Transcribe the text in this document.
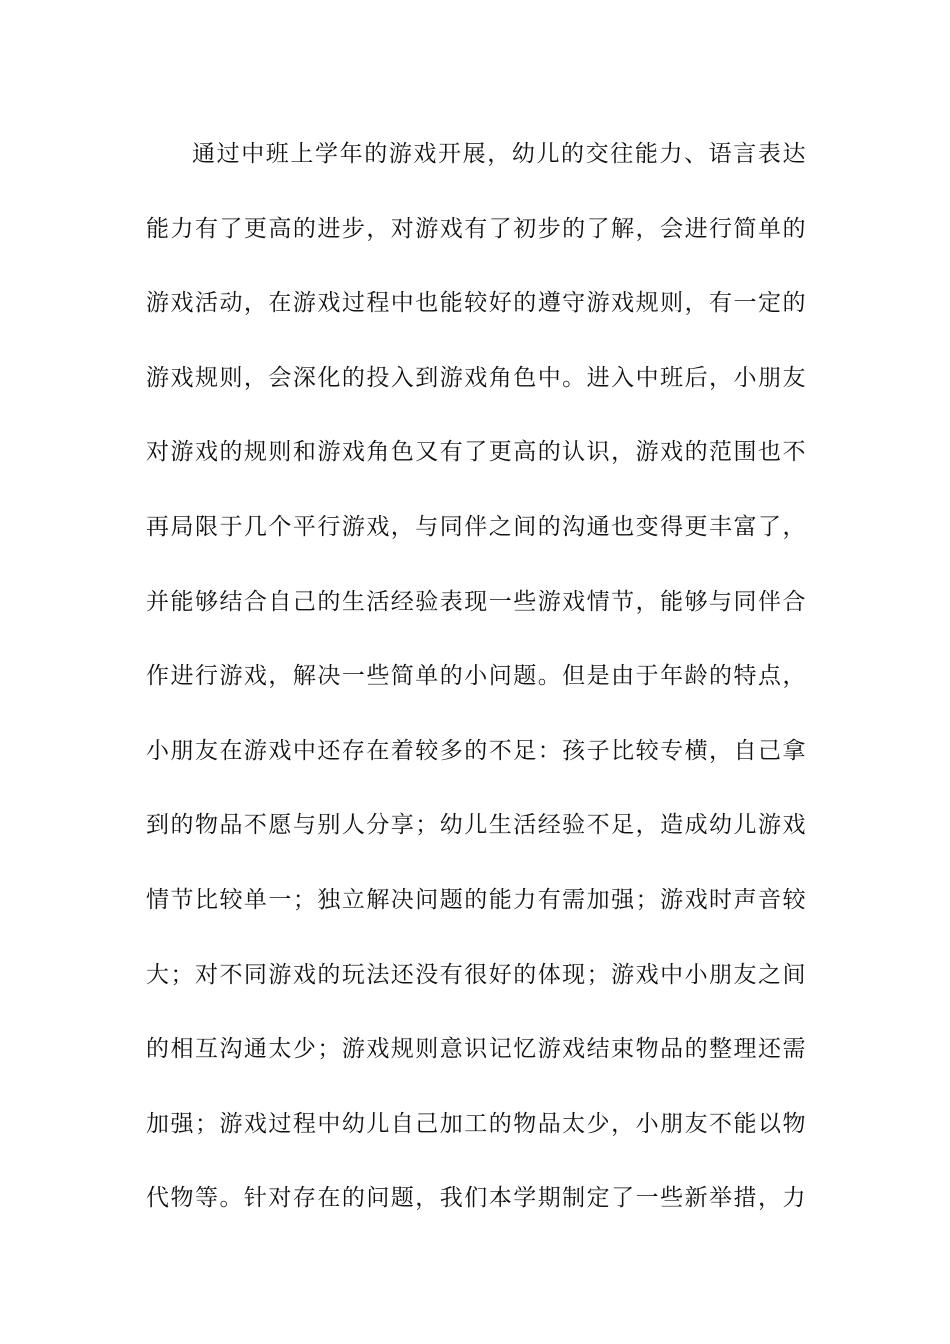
通过中班上学年的游戏开展，幼儿的交往能力、语言表达
能力有了更高的进步，对游戏有了初步的了解，会进行简单的
游戏活动，在游戏过程中也能较好的遵守游戏规则，有一定的
游戏规则，会深化的投入到游戏角色中。进入中班后，小朋友
对游戏的规则和游戏角色又有了更高的认识，游戏的范围也不
再局限于几个平行游戏，与同伴之间的沟通也变得更丰富了，
并能够结合自己的生活经验表现一些游戏情节，能够与同伴合
作进行游戏，解决一些简单的小问题。但是由于年龄的特点，
小朋友在游戏中还存在着较多的不足：孩子比较专横，自己拿
到的物品不愿与别人分享；幼儿生活经验不足，造成幼儿游戏
情节比较单一；独立解决问题的能力有需加强；游戏时声音较
大；对不同游戏的玩法还没有很好的体现；游戏中小朋友之间
的相互沟通太少；游戏规则意识记忆游戏结束物品的整理还需
加强；游戏过程中幼儿自己加工的物品太少，小朋友不能以物
代物等。针对存在的问题，我们本学期制定了一些新举措，力
